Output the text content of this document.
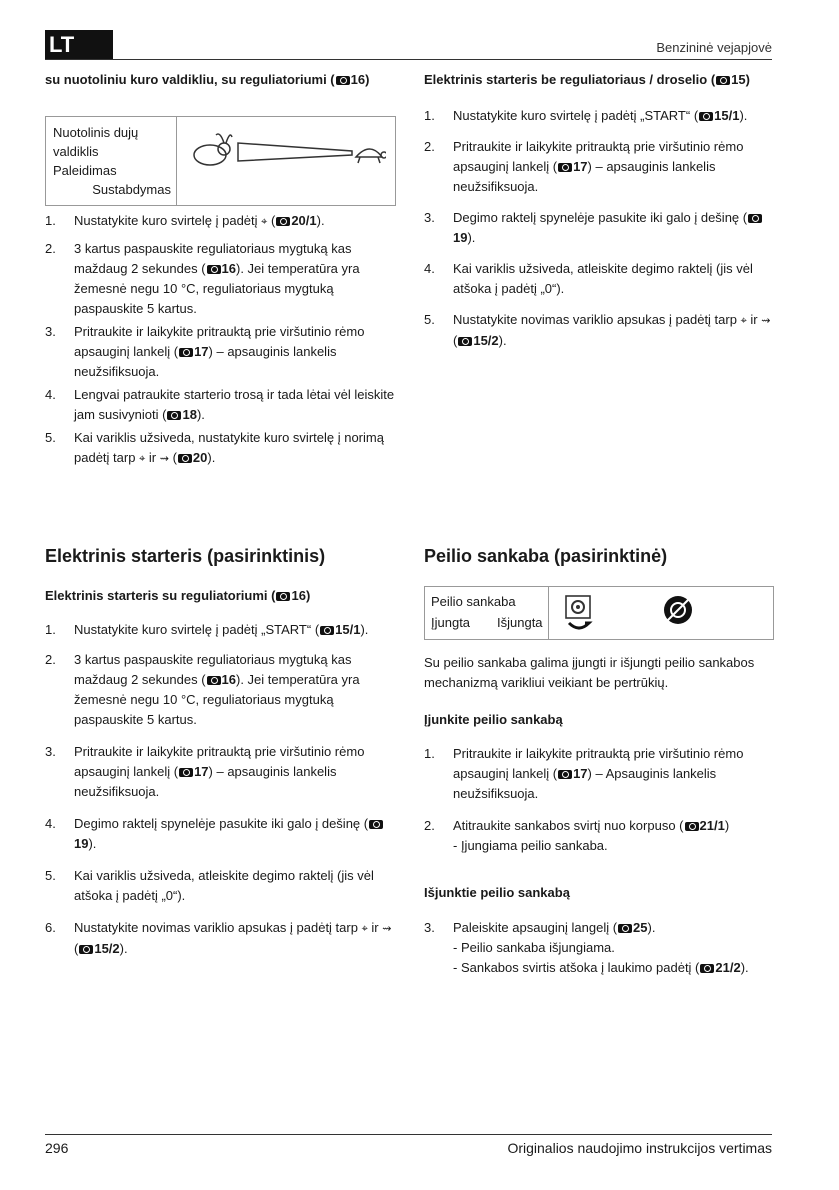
LT	Benzininė vejapjovė
su nuotoliniu kuro valdikliu, su reguliatoriumi ( 16)
Nuotolinis dujų valdiklis
Paleidimas
Sustabdymas
1. Nustatykite kuro svirtelę į padėtį ⌖ ( 20/1).
2. 3 kartus paspauskite reguliatoriaus mygtuką kas maždaug 2 sekundes ( 16). Jei temperatūra yra žemesnė negu 10 °C, reguliatoriaus mygtuką paspauskite 5 kartus.
3. Pritraukite ir laikykite pritrauktą prie viršutinio rėmo apsauginį lankelį ( 17) – apsauginis lankelis neužsifiksuoja.
4. Lengvai patraukite starterio trosą ir tada lėtai vėl leiskite jam susivynioti ( 18).
5. Kai variklis užsiveda, nustatykite kuro svirtelę į norimą padėtį tarp ⌖ ir ⇝ ( 20).
Elektrinis starteris be reguliatoriaus / droselio ( 15)
1. Nustatykite kuro svirtelę į padėtį „START“ ( 15/1).
2. Pritraukite ir laikykite pritrauktą prie viršutinio rėmo apsauginį lankelį ( 17) – apsauginis lankelis neužsifiksuoja.
3. Degimo raktelį spynelėje pasukite iki galo į dešinę (19).
4. Kai variklis užsiveda, atleiskite degimo raktelį (jis vėl atšoka į padėtį „0“).
5. Nustatykite novimas variklio apsukas į padėtį tarp ⌖ ir ⇝ ( 15/2).
Elektrinis starteris (pasirinktinis)
Elektrinis starteris su reguliatoriumi ( 16)
1. Nustatykite kuro svirtelę į padėtį „START“ ( 15/1).
2. 3 kartus paspauskite reguliatoriaus mygtuką kas maždaug 2 sekundes ( 16). Jei temperatūra yra žemesnė negu 10 °C, reguliatoriaus mygtuką paspauskite 5 kartus.
3. Pritraukite ir laikykite pritrauktą prie viršutinio rėmo apsauginį lankelį ( 17) – apsauginis lankelis neužsifiksuoja.
4. Degimo raktelį spynelėje pasukite iki galo į dešinę (19).
5. Kai variklis užsiveda, atleiskite degimo raktelį (jis vėl atšoka į padėtį „0“).
6. Nustatykite novimas variklio apsukas į padėtį tarp ⌖ ir ⇝ ( 15/2).
Peilio sankaba (pasirinktinė)
Peilio sankaba
Įjungta Išjungta
Su peilio sankaba galima įjungti ir išjungti peilio sankabos mechanizmą varikliui veikiant be pertrūkių.
Įjunkite peilio sankabą
1. Pritraukite ir laikykite pritrauktą prie viršutinio rėmo apsauginį lankelį ( 17) – Apsauginis lankelis neužsifiksuoja.
2. Atitraukite sankabos svirtį nuo korpuso ( 21/1)
- Įjungiama peilio sankaba.
Išjunktie peilio sankabą
3. Paleiskite apsauginį langelį ( 25).
- Peilio sankaba išjungiama.
- Sankabos svirtis atšoka į laukimo padėtį ( 21/2).
296	Originalios naudojimo instrukcijos vertimas
